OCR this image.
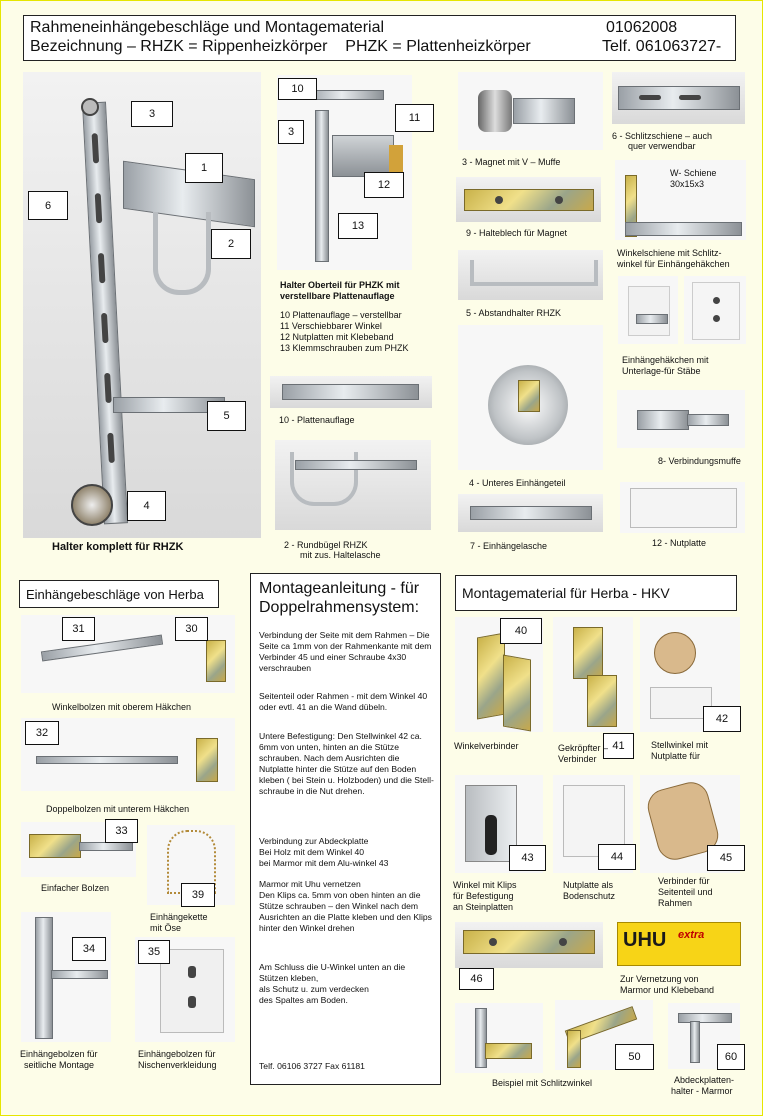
Rahmeneinhängebeschläge und Montagematerial
Bezeichnung – RHZK = Rippenheizkörper    PHZK = Plattenheizkörper
01062008
Telf. 061063727-
3
6
1
2
5
4
Halter komplett für RHZK
10
3
11
12
13
Halter Oberteil für PHZK mit verstellbare Plattenauflage
10 Plattenauflage – verstellbar
11 Verschiebbarer Winkel
12 Nutplatten mit Klebeband
13 Klemmschrauben zum PHZK
10 - Plattenauflage
2 - Rundbügel RHZK
mit zus. Haltelasche
3 - Magnet mit V – Muffe
9 - Halteblech für Magnet
5 - Abstandhalter RHZK
4 - Unteres Einhängeteil
7 - Einhängelasche
6 - Schlitzschiene – auch
quer verwendbar
W- Schiene
30x15x3
Winkelschiene mit Schlitz-
winkel für Einhängehäkchen
Einhängehäkchen mit
Unterlage-für Stäbe
8- Verbindungsmuffe
12 - Nutplatte
Einhängebeschläge von Herba
31	30
Winkelbolzen mit oberem Häkchen
32
Doppelbolzen mit unterem Häkchen
33
Einfacher Bolzen
39
Einhängekette
mit Öse
34
Einhängebolzen für
seitliche Montage
35
Einhängebolzen für
Nischenverkleidung
Montageanleitung - für Doppelrahmensystem:
Verbindung der Seite mit dem Rahmen – Die Seite ca 1mm von der Rahmenkante mit dem Verbinder 45 und einer Schraube 4x30 verschrauben
Seitenteil oder Rahmen - mit dem Winkel 40 oder evtl. 41 an die Wand dübeln.
Untere Befestigung: Den Stellwinkel 42 ca. 6mm von unten, hinten an die Stütze schrauben. Nach dem Ausrichten die Nutplatte hinter die Stütze auf den Boden kleben ( bei Stein u. Holzboden) und die Stell-schraube in die Nut drehen.
Verbindung zur Abdeckplatte
Bei Holz mit dem Winkel 40
bei Marmor mit dem Alu-winkel 43
Marmor mit Uhu vernetzen
Den Klips ca. 5mm von oben hinten an die Stütze schrauben – den Winkel nach dem Ausrichten an die Platte kleben und den Klips hinter den Winkel drehen
Am Schluss die U-Winkel unten an die Stützen kleben,
als Schutz u. zum verdecken
des Spaltes am Boden.
Telf. 06106 3727 Fax 61181
Montagematerial für Herba - HKV
40
Winkelverbinder	41
Gekröpfter –
Verbinder
42
Stellwinkel mit
Nutplatte für
43
Winkel mit Klips
für Befestigung
an Steinplatten
44
Nutplatte als
Bodenschutz
45
Verbinder für
Seitenteil und
Rahmen
46
UHU extra
Zur Vernetzung von
Marmor und Klebeband
50
Beispiel mit Schlitzwinkel
60
Abdeckplatten-
halter - Marmor
